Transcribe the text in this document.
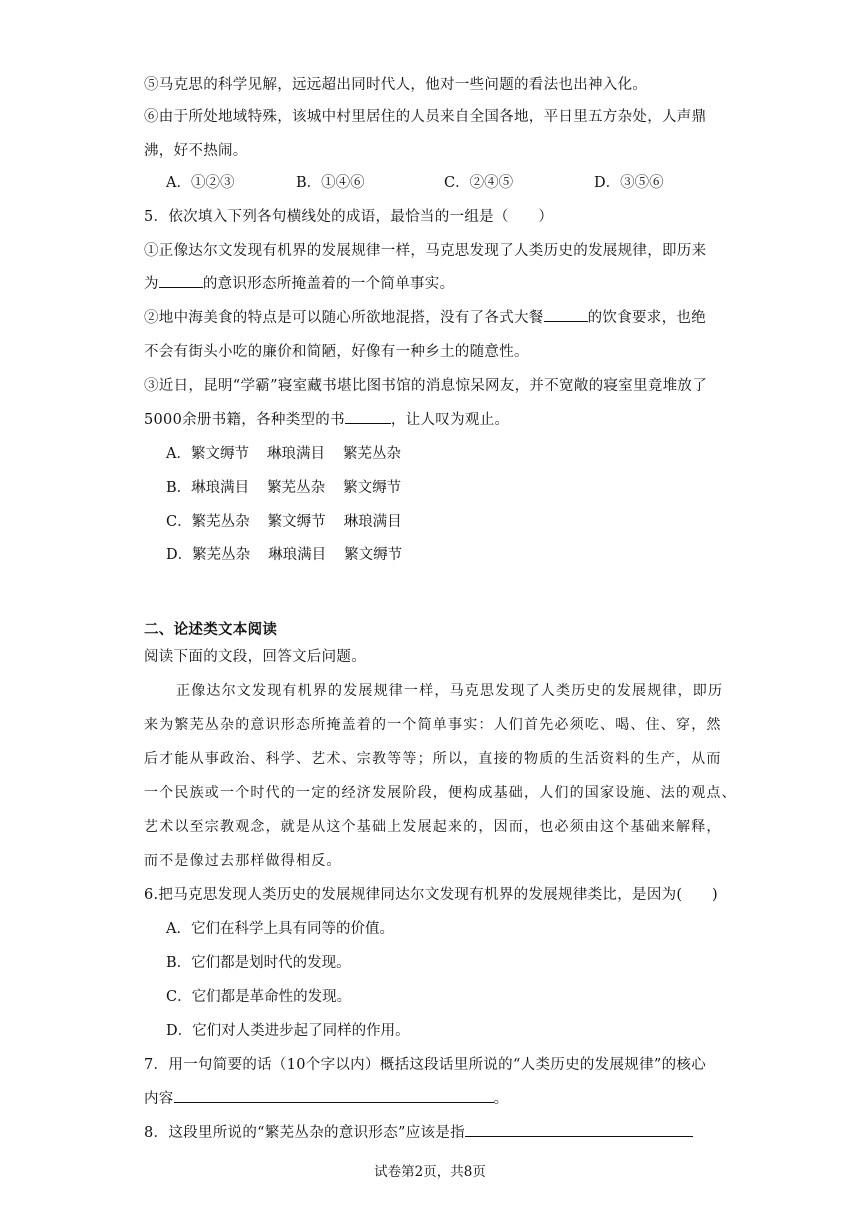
⑤马克思的科学见解，远远超出同时代人，他对一些问题的看法也出神入化。
⑥由于所处地域特殊，该城中村里居住的人员来自全国各地，平日里五方杂处，人声鼎
沸，好不热闹。
A．①②③	B．①④⑥	C．②④⑤	D．③⑤⑥
5．依次填入下列各句横线处的成语，最恰当的一组是（　　）
①正像达尔文发现有机界的发展规律一样，马克思发现了人类历史的发展规律，即历来
为	的意识形态所掩盖着的一个简单事实。
②地中海美食的特点是可以随心所欲地混搭，没有了各式大餐	的饮食要求，也绝
不会有街头小吃的廉价和简陋，好像有一种乡土的随意性。
③近日，昆明“学霸”寝室藏书堪比图书馆的消息惊呆网友，并不宽敞的寝室里竟堆放了
5000余册书籍，各种类型的书	，让人叹为观止。
A．繁文缛节 琳琅满目 繁芜丛杂
B．琳琅满目 繁芜丛杂 繁文缛节
C．繁芜丛杂 繁文缛节 琳琅满目
D．繁芜丛杂 琳琅满目 繁文缛节
二、论述类文本阅读
阅读下面的文段，回答文后问题。
正像达尔文发现有机界的发展规律一样，马克思发现了人类历史的发展规律，即历
来为繁芜丛杂的意识形态所掩盖着的一个简单事实：人们首先必须吃、喝、住、穿，然
后才能从事政治、科学、艺术、宗教等等；所以，直接的物质的生活资料的生产，从而
一个民族或一个时代的一定的经济发展阶段，便构成基础，人们的国家设施、法的观点、
艺术以至宗教观念，就是从这个基础上发展起来的，因而，也必须由这个基础来解释，
而不是像过去那样做得相反。
6.把马克思发现人类历史的发展规律同达尔文发现有机界的发展规律类比，是因为(　　)
A．它们在科学上具有同等的价值。
B．它们都是划时代的发现。
C．它们都是革命性的发现。
D．它们对人类进步起了同样的作用。
7．用一句简要的话（10个字以内）概括这段话里所说的“人类历史的发展规律”的核心
内容	。
8．这段里所说的“繁芜丛杂的意识形态”应该是指
试卷第2页，共8页
